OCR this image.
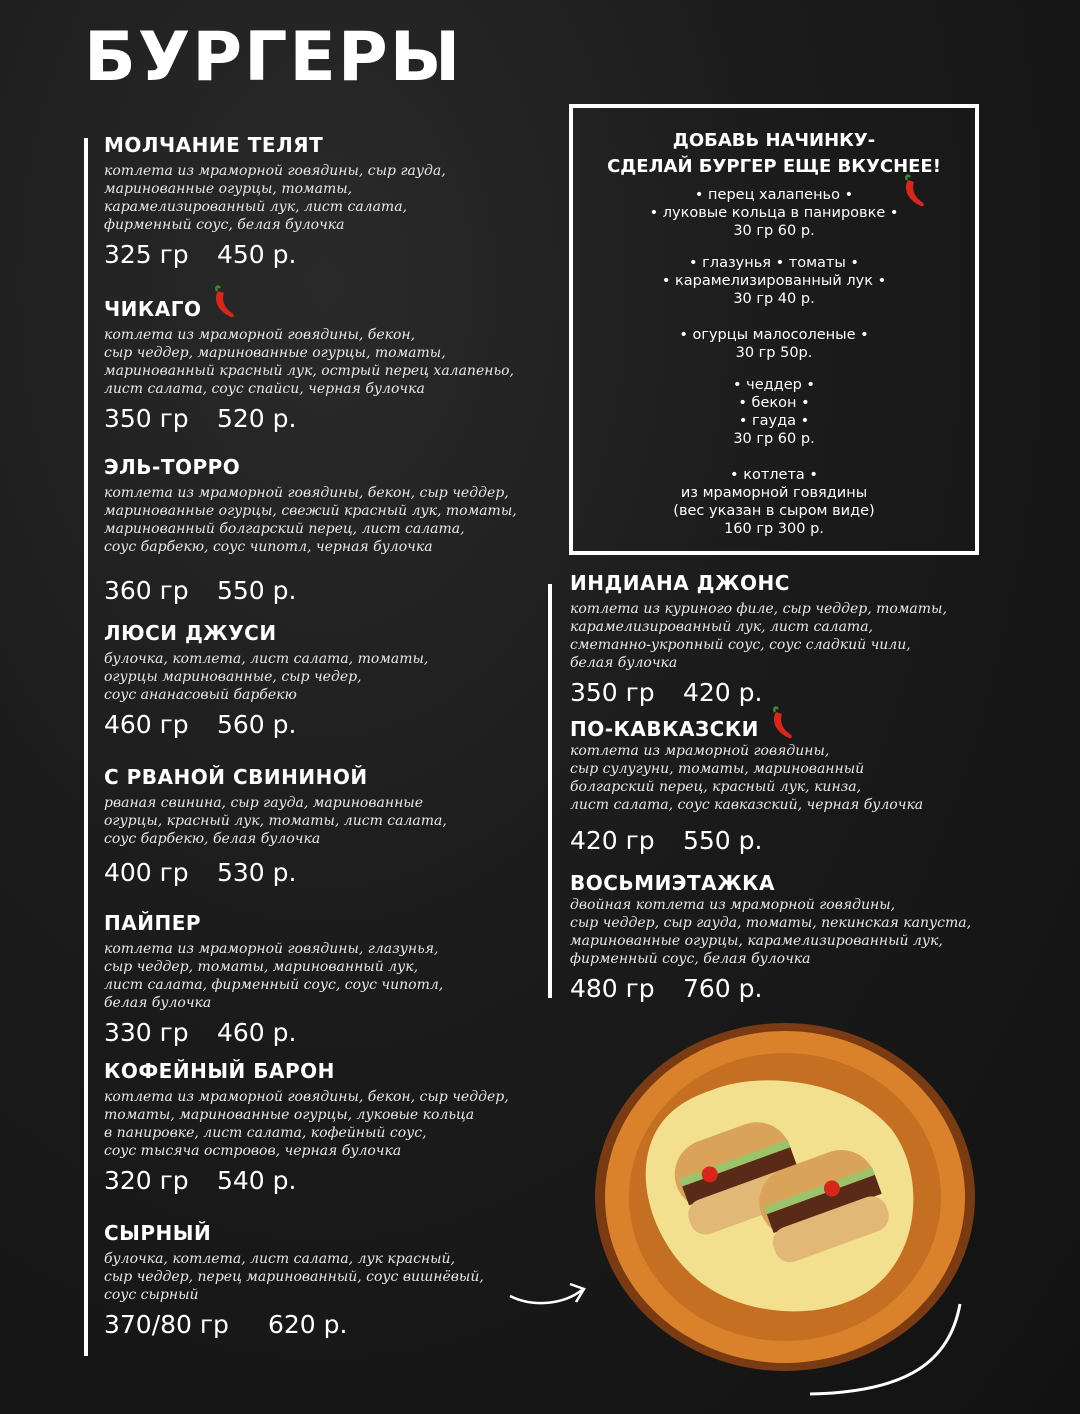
БУРГЕРЫ
МОЛЧАНИЕ ТЕЛЯТ
котлета из мраморной говядины, сыр гауда,
маринованные огурцы, томаты,
карамелизированный лук, лист салата,
фирменный соус, белая булочка
325 гр 450 р.
ЧИКАГО
котлета из мраморной говядины, бекон,
сыр чеддер, маринованные огурцы, томаты,
маринованный красный лук, острый перец халапеньо,
лист салата, соус спайси, черная булочка
350 гр 520 р.
ЭЛЬ-ТОРРО
котлета из мраморной говядины, бекон, сыр чеддер,
маринованные огурцы, свежий красный лук, томаты,
маринованный болгарский перец, лист салата,
соус барбекю, соус чипотл, черная булочка
360 гр 550 р.
ЛЮСИ ДЖУСИ
булочка, котлета, лист салата, томаты,
огурцы маринованные, сыр чедер,
соус ананасовый барбекю
460 гр 560 р.
С РВАНОЙ СВИНИНОЙ
рваная свинина, сыр гауда, маринованные
огурцы, красный лук, томаты, лист салата,
соус барбекю, белая булочка
400 гр 530 р.
ПАЙПЕР
котлета из мраморной говядины, глазунья,
сыр чеддер, томаты, маринованный лук,
лист салата, фирменный соус, соус чипотл,
белая булочка
330 гр 460 р.
КОФЕЙНЫЙ БАРОН
котлета из мраморной говядины, бекон, сыр чеддер,
томаты, маринованные огурцы, луковые кольца
в панировке, лист салата, кофейный соус,
соус тысяча островов, черная булочка
320 гр 540 р.
СЫРНЫЙ
булочка, котлета, лист салата, лук красный,
сыр чеддер, перец маринованный, соус вишнёвый,
соус сырный
370/80 гр 620 р.
ДОБАВЬ НАЧИНКУ-
СДЕЛАЙ БУРГЕР ЕЩЕ ВКУСНЕЕ!
• перец халапеньо •
• луковые кольца в панировке •
30 гр 60 р.
• глазунья • томаты •
• карамелизированный лук •
30 гр 40 р.
• огурцы малосоленые •
30 гр 50р.
• чеддер •
• бекон •
• гауда •
30 гр 60 р.
• котлета •
из мраморной говядины
(вес указан в сыром виде)
160 гр 300 р.
ИНДИАНА ДЖОНС
котлета из куриного филе, сыр чеддер, томаты,
карамелизированный лук, лист салата,
сметанно-укропный соус, соус сладкий чили,
белая булочка
350 гр 420 р.
ПО-КАВКАЗСКИ
котлета из мраморной говядины,
сыр сулугуни, томаты, маринованный
болгарский перец, красный лук, кинза,
лист салата, соус кавказский, черная булочка
420 гр 550 р.
ВОСЬМИЭТАЖКА
двойная котлета из мраморной говядины,
сыр чеддер, сыр гауда, томаты, пекинская капуста,
маринованные огурцы, карамелизированный лук,
фирменный соус, белая булочка
480 гр 760 р.
